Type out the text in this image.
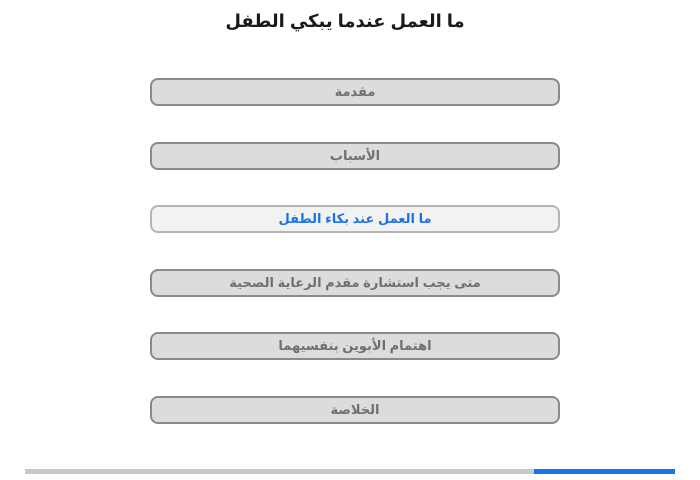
ما العمل عندما يبكي الطفل
مقدمة
الأسباب
ما العمل عند بكاء الطفل
متى يجب استشارة مقدم الرعاية الصحية
اهتمام الأبوين بنفسيهما
الخلاصة
